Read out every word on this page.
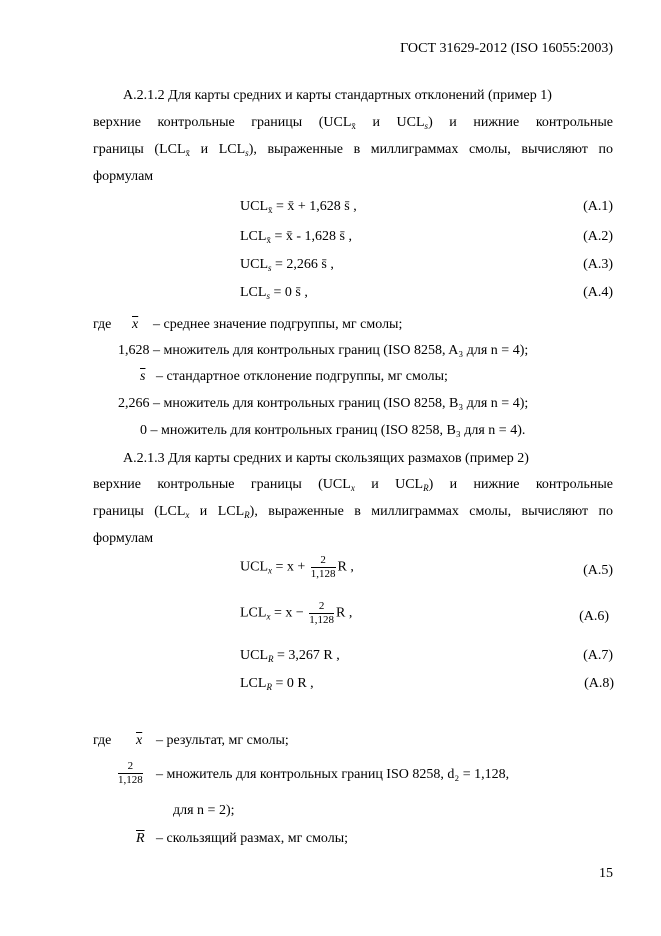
ГОСТ 31629-2012 (ISO 16055:2003)
A.2.1.2 Для карты средних и карты стандартных отклонений (пример 1)
верхние контрольные границы ($UCL_{x̄}$ и $UCL_s$) и нижние контрольные
границы ($LCL_{x̄}$ и $LCL_s$), выраженные в миллиграммах смолы, вычисляют по
формулам
$UCL_{x̄}$ = x̄ + 1,628 s̄ ,	(A.1)
$LCL_{x̄}$ = x̄ - 1,628 s̄ ,	(A.2)
$UCL_s = 2,266$ s̄ ,	(A.3)
$LCL_s = 0$ s̄ ,	(A.4)
где $\overline{x}$ – среднее значение подгруппы, мг смолы;
1,628 – множитель для контрольных границ (ISO 8258, A₃ для n = 4);
$\overline{s}$ – стандартное отклонение подгруппы, мг смолы;
2,266 – множитель для контрольных границ (ISO 8258, B₃ для n = 4);
0 – множитель для контрольных границ (ISO 8258, B₃ для n = 4).
A.2.1.3 Для карты средних и карты скользящих размахов (пример 2)
верхние контрольные границы ($UCL_x$ и $UCL_R$) и нижние контрольные
границы ($LCL_x$ и $LCL_R$), выраженные в миллиграммах смолы, вычисляют по
формулам
$UCL_x = x + \frac{2}{1,128}$ R ,	(A.5)
$LCL_x = x - \frac{2}{1,128}$ R ,	(A.6)
$UCL_R = 3,267$ R ,	(A.7)
$LCL_R = 0$ R ,	(A.8)
где $\overline{x}$ – результат, мг смолы;
$\frac{2}{1,128}$ – множитель для контрольных границ ISO 8258, d₂ = 1,128,
для n = 2);
$\overline{R}$ – скользящий размах, мг смолы;
15
